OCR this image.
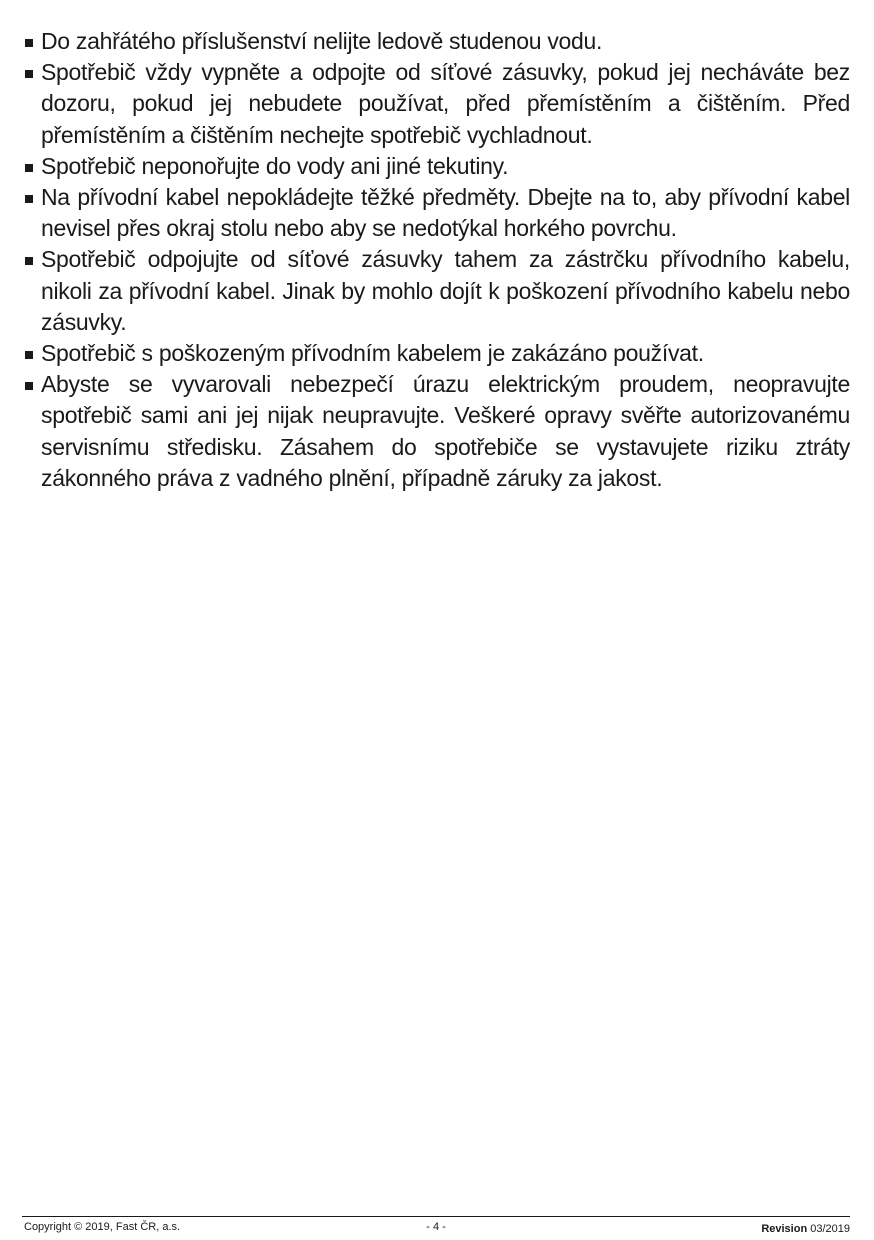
Do zahřátého příslušenství nelijte ledově studenou vodu.
Spotřebič vždy vypněte a odpojte od síťové zásuvky, pokud jej necháváte bez dozoru, pokud jej nebudete používat, před přemístěním a čištěním. Před přemístěním a čištěním nechejte spotřebič vychladnout.
Spotřebič neponořujte do vody ani jiné tekutiny.
Na přívodní kabel nepokládejte těžké předměty. Dbejte na to, aby přívodní kabel nevisel přes okraj stolu nebo aby se nedotýkal horkého povrchu.
Spotřebič odpojujte od síťové zásuvky tahem za zástrčku přívodního kabelu, nikoli za přívodní kabel. Jinak by mohlo dojít k poškození přívodního kabelu nebo zásuvky.
Spotřebič s poškozeným přívodním kabelem je zakázáno používat.
Abyste se vyvarovali nebezpečí úrazu elektrickým proudem, neopravujte spotřebič sami ani jej nijak neupravujte. Veškeré opravy svěřte autorizovanému servisnímu středisku. Zásahem do spotřebiče se vystavujete riziku ztráty zákonného práva z vadného plnění, případně záruky za jakost.
Copyright © 2019, Fast ČR, a.s.	- 4 -	Revision 03/2019
